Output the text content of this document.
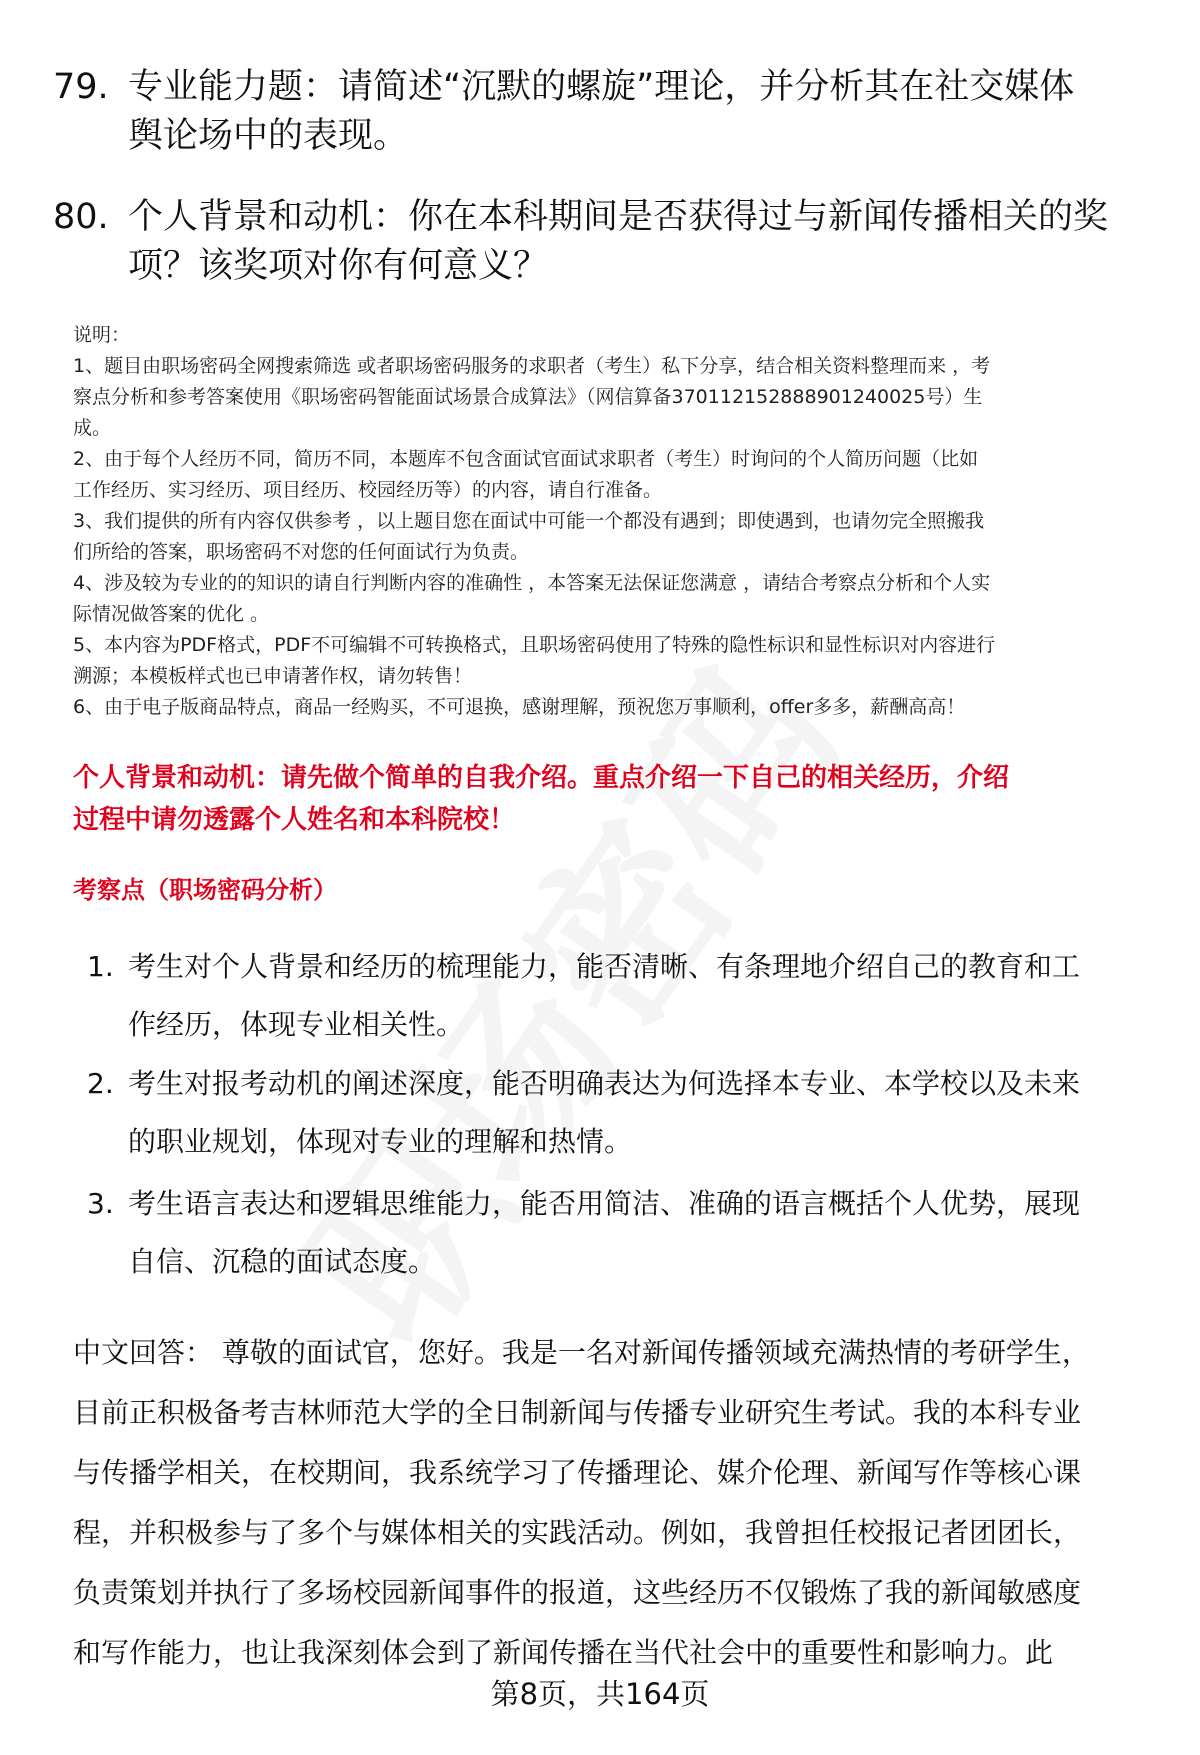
79. 专业能力题：请简述“沉默的螺旋”理论，并分析其在社交媒体
舆论场中的表现。
80. 个人背景和动机：你在本科期间是否获得过与新闻传播相关的奖
项？该奖项对你有何意义？
说明：
1、题目由职场密码全网搜索筛选 或者职场密码服务的求职者（考生）私下分享，结合相关资料整理而来 ，考
察点分析和参考答案使用《职场密码智能面试场景合成算法》（网信算备370112152888901240025号）生
成。
2、由于每个人经历不同，简历不同，本题库不包含面试官面试求职者（考生）时询问的个人简历问题（比如
工作经历、实习经历、项目经历、校园经历等）的内容，请自行准备。
3、我们提供的所有内容仅供参考 ，以上题目您在面试中可能一个都没有遇到；即使遇到，也请勿完全照搬我
们所给的答案，职场密码不对您的任何面试行为负责。
4、涉及较为专业的的知识的请自行判断内容的准确性 ，本答案无法保证您满意 ，请结合考察点分析和个人实
际情况做答案的优化 。
5、本内容为PDF格式，PDF不可编辑不可转换格式，且职场密码使用了特殊的隐性标识和显性标识对内容进行
溯源；本模板样式也已申请著作权，请勿转售！
6、由于电子版商品特点，商品一经购买，不可退换，感谢理解，预祝您万事顺利，offer多多，薪酬高高！
个人背景和动机：请先做个简单的自我介绍。重点介绍一下自己的相关经历，介绍
过程中请勿透露个人姓名和本科院校！
考察点（职场密码分析）
1. 考生对个人背景和经历的梳理能力，能否清晰、有条理地介绍自己的教育和工
作经历，体现专业相关性。
2. 考生对报考动机的阐述深度，能否明确表达为何选择本专业、本学校以及未来
的职业规划，体现对专业的理解和热情。
3. 考生语言表达和逻辑思维能力，能否用简洁、准确的语言概括个人优势，展现
自信、沉稳的面试态度。
中文回答： 尊敬的面试官，您好。我是一名对新闻传播领域充满热情的考研学生，
目前正积极备考吉林师范大学的全日制新闻与传播专业研究生考试。我的本科专业
与传播学相关，在校期间，我系统学习了传播理论、媒介伦理、新闻写作等核心课
程，并积极参与了多个与媒体相关的实践活动。例如，我曾担任校报记者团团长，
负责策划并执行了多场校园新闻事件的报道，这些经历不仅锻炼了我的新闻敏感度
和写作能力，也让我深刻体会到了新闻传播在当代社会中的重要性和影响力。此
第8页，共164页
